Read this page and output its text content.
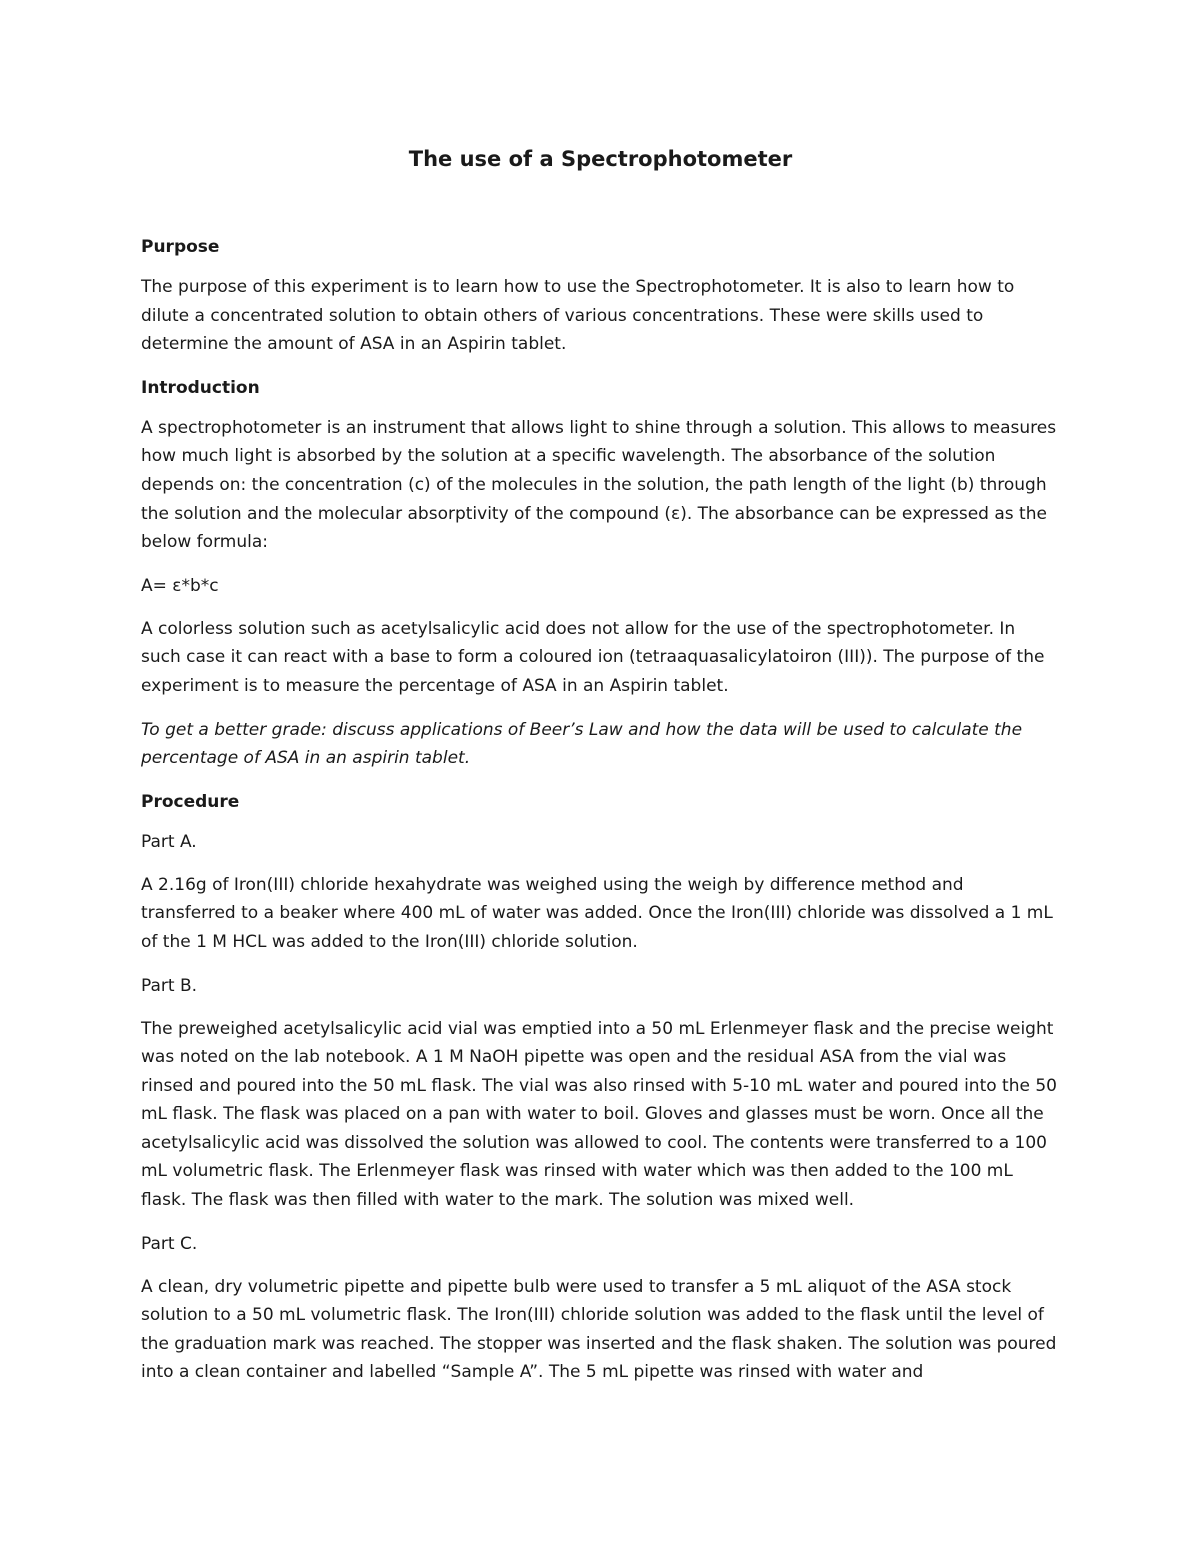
The use of a Spectrophotometer
Purpose
The purpose of this experiment is to learn how to use the Spectrophotometer. It is also to learn how to dilute a concentrated solution to obtain others of various concentrations. These were skills used to determine the amount of ASA in an Aspirin tablet.
Introduction
A spectrophotometer is an instrument that allows light to shine through a solution. This allows to measures how much light is absorbed by the solution at a specific wavelength. The absorbance of the solution depends on: the concentration (c) of the molecules in the solution, the path length of the light (b) through the solution and the molecular absorptivity of the compound (ε). The absorbance can be expressed as the below formula:
A= ε*b*c
A colorless solution such as acetylsalicylic acid does not allow for the use of the spectrophotometer. In such case it can react with a base to form a coloured ion (tetraaquasalicylatoiron (III)). The purpose of the experiment is to measure the percentage of ASA in an Aspirin tablet.
To get a better grade: discuss applications of Beer’s Law and how the data will be used to calculate the percentage of ASA in an aspirin tablet.
Procedure
Part A.
A 2.16g of Iron(III) chloride hexahydrate was weighed using the weigh by difference method and transferred to a beaker where 400 mL of water was added. Once the Iron(III) chloride was dissolved a 1 mL of the 1 M HCL was added to the Iron(III) chloride solution.
Part B.
The preweighed acetylsalicylic acid vial was emptied into a 50 mL Erlenmeyer flask and the precise weight was noted on the lab notebook. A 1 M NaOH pipette was open and the residual ASA from the vial was rinsed and poured into the 50 mL flask. The vial was also rinsed with 5-10 mL water and poured into the 50 mL flask. The flask was placed on a pan with water to boil. Gloves and glasses must be worn. Once all the acetylsalicylic acid was dissolved the solution was allowed to cool. The contents were transferred to a 100 mL volumetric flask. The Erlenmeyer flask was rinsed with water which was then added to the 100 mL flask. The flask was then filled with water to the mark. The solution was mixed well.
Part C.
A clean, dry volumetric pipette and pipette bulb were used to transfer a 5 mL aliquot of the ASA stock solution to a 50 mL volumetric flask. The Iron(III) chloride solution was added to the flask until the level of the graduation mark was reached. The stopper was inserted and the flask shaken. The solution was poured into a clean container and labelled “Sample A”. The 5 mL pipette was rinsed with water and
